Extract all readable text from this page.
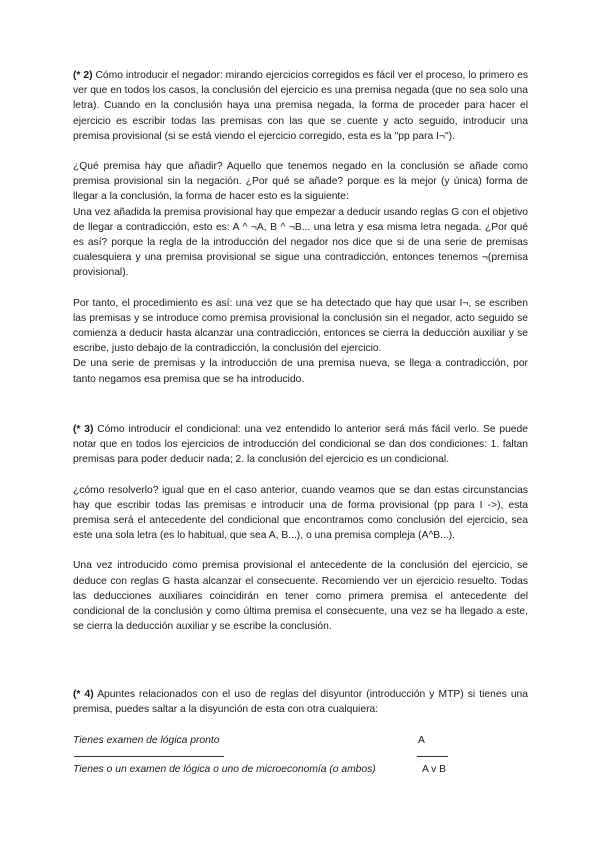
(* 2) Cómo introducir el negador: mirando ejercicios corregidos es fácil ver el proceso, lo primero es ver que en todos los casos, la conclusión del ejercicio es una premisa negada (que no sea solo una letra). Cuando en la conclusión haya una premisa negada, la forma de proceder para hacer el ejercicio es escribir todas las premisas con las que se cuente y acto seguido, introducir una premisa provisional (si se está viendo el ejercicio corregido, esta es la "pp para I¬").

¿Qué premisa hay que añadir? Aquello que tenemos negado en la conclusión se añade como premisa provisional sin la negación. ¿Por qué se añade? porque es la mejor (y única) forma de llegar a la conclusión, la forma de hacer esto es la siguiente:

Una vez añadida la premisa provisional hay que empezar a deducir usando reglas G con el objetivo de llegar a contradicción, esto es: A ^ ¬A, B ^ ¬B... una letra y esa misma letra negada. ¿Por qué es así? porque la regla de la introducción del negador nos dice que si de una serie de premisas cualesquiera y una premisa provisional se sigue una contradicción, entonces tenemos ¬(premisa provisional).

Por tanto, el procedimiento es así: una vez que se ha detectado que hay que usar I¬, se escriben las premisas y se introduce como premisa provisional la conclusión sin el negador, acto seguido se comienza a deducir hasta alcanzar una contradicción, entonces se cierra la deducción auxiliar y se escribe, justo debajo de la contradicción, la conclusión del ejercicio.

De una serie de premisas y la introducción de una premisa nueva, se llega a contradicción, por tanto negamos esa premisa que se ha introducido.

(* 3) Cómo introducir el condicional: una vez entendido lo anterior será más fácil verlo. Se puede notar que en todos los ejercicios de introducción del condicional se dan dos condiciones: 1. faltan premisas para poder deducir nada; 2. la conclusión del ejercicio es un condicional.

¿cómo resolverlo? igual que en el caso anterior, cuando veamos que se dan estas circunstancias hay que escribir todas las premisas e introducir una de forma provisional (pp para I ->), esta premisa será el antecedente del condicional que encontramos como conclusión del ejercicio, sea este una sola letra (es lo habitual, que sea A, B...), o una premisa compleja (A^B...).

Una vez introducido como premisa provisional el antecedente de la conclusión del ejercicio, se deduce con reglas G hasta alcanzar el consecuente. Recomiendo ver un ejercicio resuelto. Todas las deducciones auxiliares coincidirán en tener como primera premisa el antecedente del condicional de la conclusión y como última premisa el consecuente, una vez se ha llegado a este, se cierra la deducción auxiliar y se escribe la conclusión.

(* 4) Apuntes relacionados con el uso de reglas del disyuntor (introducción y MTP) si tienes una premisa, puedes saltar a la disyunción de esta con otra cualquiera:

Tienes examen de lógica pronto	A
Tienes o un examen de lógica o uno de microeconomía (o ambos)	A v B
